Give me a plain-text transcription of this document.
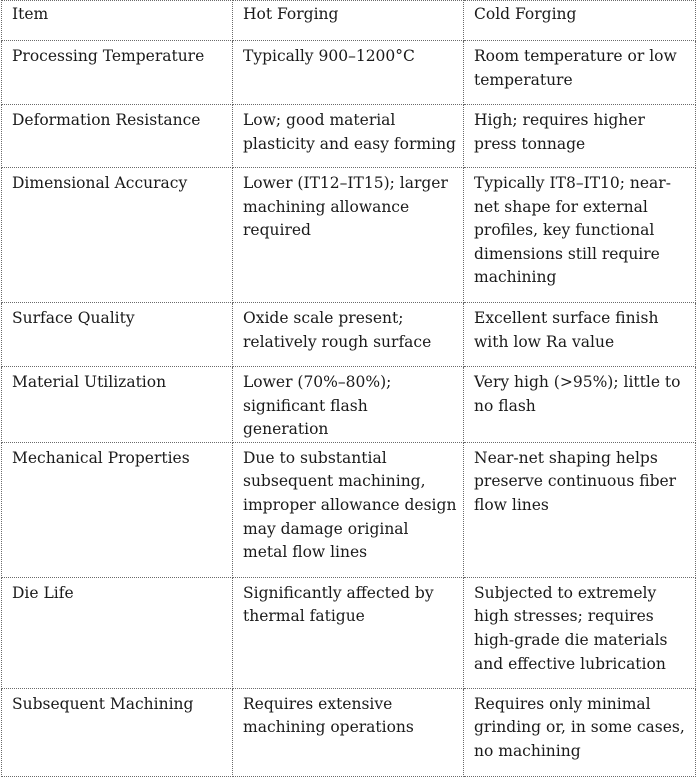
Item	Hot Forging	Cold Forging
Processing Temperature	Typically 900–1200°C	Room temperature or low temperature
Deformation Resistance	Low; good material plasticity and easy forming	High; requires higher press tonnage
Dimensional Accuracy	Lower (IT12–IT15); larger machining allowance required	Typically IT8–IT10; near-net shape for external profiles, key functional dimensions still require machining
Surface Quality	Oxide scale present; relatively rough surface	Excellent surface finish with low Ra value
Material Utilization	Lower (70%–80%); significant flash generation	Very high (>95%); little to no flash
Mechanical Properties	Due to substantial subsequent machining, improper allowance design may damage original metal flow lines	Near-net shaping helps preserve continuous fiber flow lines
Die Life	Significantly affected by thermal fatigue	Subjected to extremely high stresses; requires high-grade die materials and effective lubrication
Subsequent Machining	Requires extensive machining operations	Requires only minimal grinding or, in some cases, no machining
